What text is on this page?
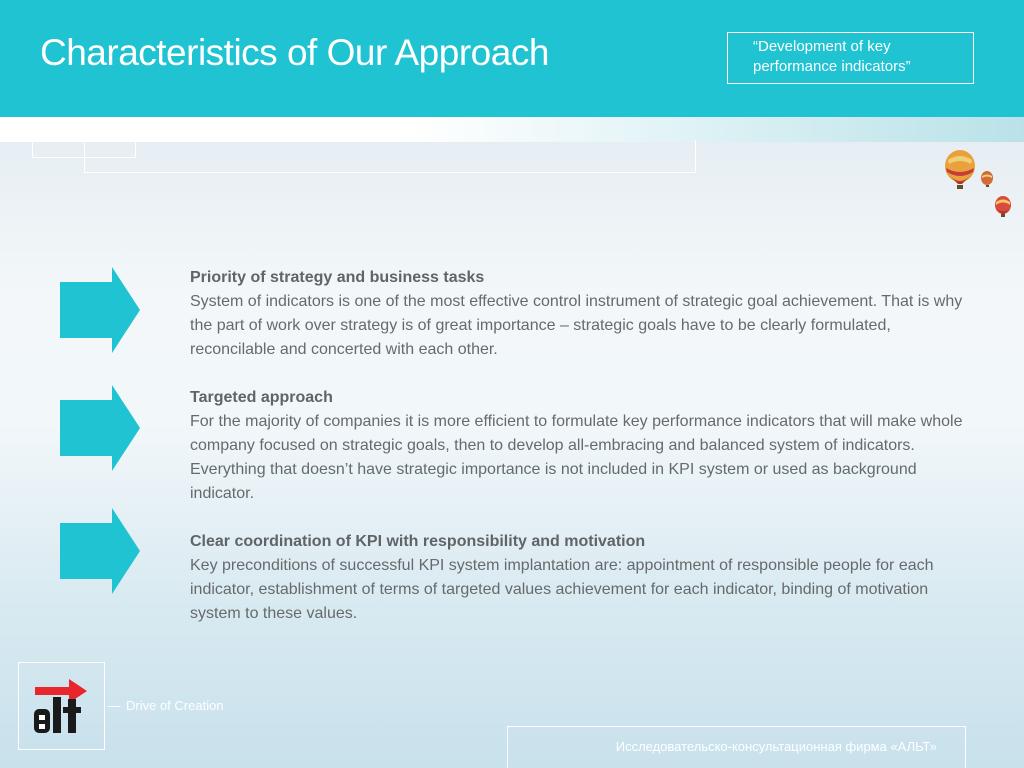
Characteristics of Our Approach	“Development of key performance indicators”
Priority of strategy and business tasks

System of indicators is one of the most effective control instrument of strategic goal achievement. That is why the part of work over strategy is of great importance – strategic goals have to be clearly formulated, reconcilable and concerted with each other.

Targeted approach

For the majority of companies it is more efficient to formulate key performance indicators that will make whole company focused on strategic goals, then to develop all-embracing and balanced system of indicators. Everything that doesn’t have strategic importance is not included in KPI system or used as background indicator.

Clear coordination of KPI with responsibility and motivation

Key preconditions of successful KPI system implantation are: appointment of responsible people for each indicator, establishment of terms of targeted values achievement for each indicator, binding of motivation system to these values.

Drive of Creation
Исследовательско-консультационная фирма «АЛЬТ»
